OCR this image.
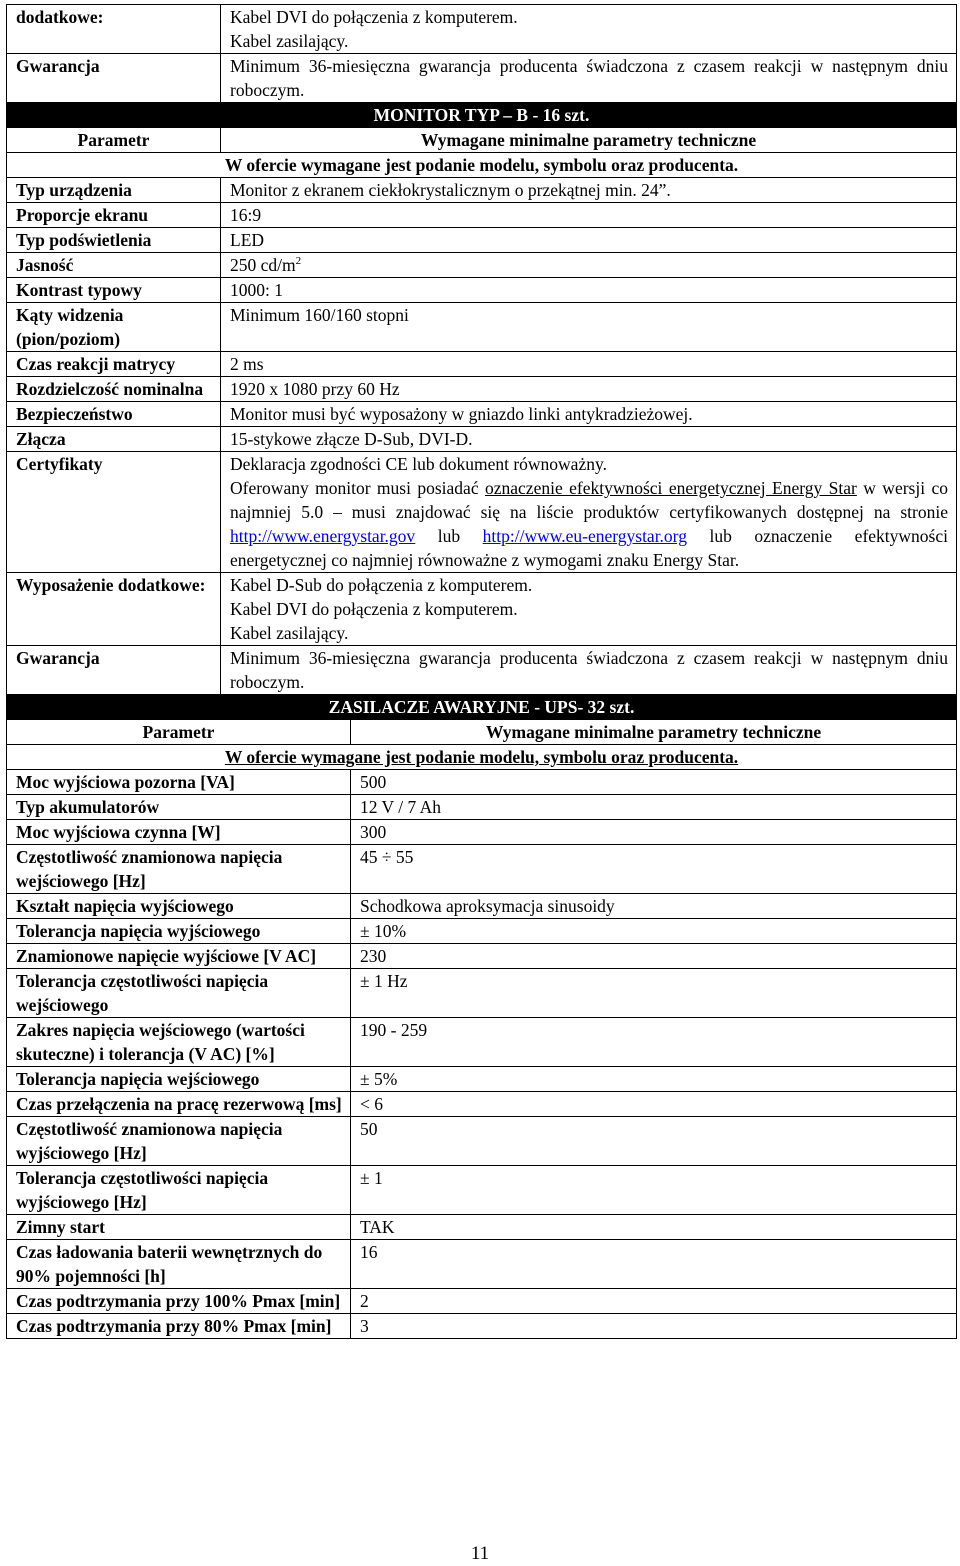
dodatkowe:	Kabel DVI do połączenia z komputerem.
Kabel zasilający.

Gwarancja	Minimum 36-miesięczna gwarancja producenta świadczona z czasem reakcji w następnym dniu roboczym.
MONITOR TYP – B - 16 szt.	
Parametr	Wymagane minimalne parametry techniczne
W ofercie wymagane jest podanie modelu, symbolu oraz producenta.	
Typ urządzenia	Monitor z ekranem ciekłokrystalicznym o przekątnej min. 24”.
Proporcje ekranu	16:9
Typ podświetlenia	LED
Jasność	250 $cd/m^2$
Kontrast typowy	1000: 1
Kąty widzenia (pion/poziom)	Minimum 160/160 stopni
Czas reakcji matrycy	2 ms
Rozdzielczość nominalna	1920 x 1080 przy 60 Hz
Bezpieczeństwo	Monitor musi być wyposażony w gniazdo linki antykradzieżowej.
Złącza	15-stykowe złącze D-Sub, DVI-D.
Certyfikaty	Deklaracja zgodności CE lub dokument równoważny.
Oferowany monitor musi posiadać oznaczenie efektywności energetycznej Energy Star w wersji co najmniej 5.0 – musi znajdować się na liście produktów certyfikowanych dostępnej na stronie http://www.energystar.gov lub http://www.eu-energystar.org lub oznaczenie efektywności energetycznej co najmniej równoważne z wymogami znaku Energy Star.
Wyposażenie dodatkowe:	Kabel D-Sub do połączenia z komputerem.
Kabel DVI do połączenia z komputerem.
Kabel zasilający.

Gwarancja	Minimum 36-miesięczna gwarancja producenta świadczona z czasem reakcji w następnym dniu roboczym.
ZASILACZE AWARYJNE - UPS- 32 szt.	
Parametr	Wymagane minimalne parametry techniczne
W ofercie wymagane jest podanie modelu, symbolu oraz producenta.	
Moc wyjściowa pozorna [VA]	500
Typ akumulatorów	12 V / 7 Ah
Moc wyjściowa czynna [W]	300
Częstotliwość znamionowa napięcia wejściowego [Hz]	45 ÷ 55
Kształt napięcia wyjściowego	Schodkowa aproksymacja sinusoidy
Tolerancja napięcia wyjściowego	± 10%
Znamionowe napięcie wyjściowe [V AC]	230
Tolerancja częstotliwości napięcia wejściowego	± 1 Hz
Zakres napięcia wejściowego (wartości skuteczne) i tolerancja (V AC) [%]	190 - 259
Tolerancja napięcia wejściowego	± 5%
Czas przełączenia na pracę rezerwową [ms]	< 6
Częstotliwość znamionowa napięcia wyjściowego [Hz]	50
Tolerancja częstotliwości napięcia wyjściowego [Hz]	± 1
Zimny start	TAK
Czas ładowania baterii wewnętrznych do 90% pojemności [h]	16
Czas podtrzymania przy 100% Pmax [min]	2
Czas podtrzymania przy 80% Pmax [min]	3
11
